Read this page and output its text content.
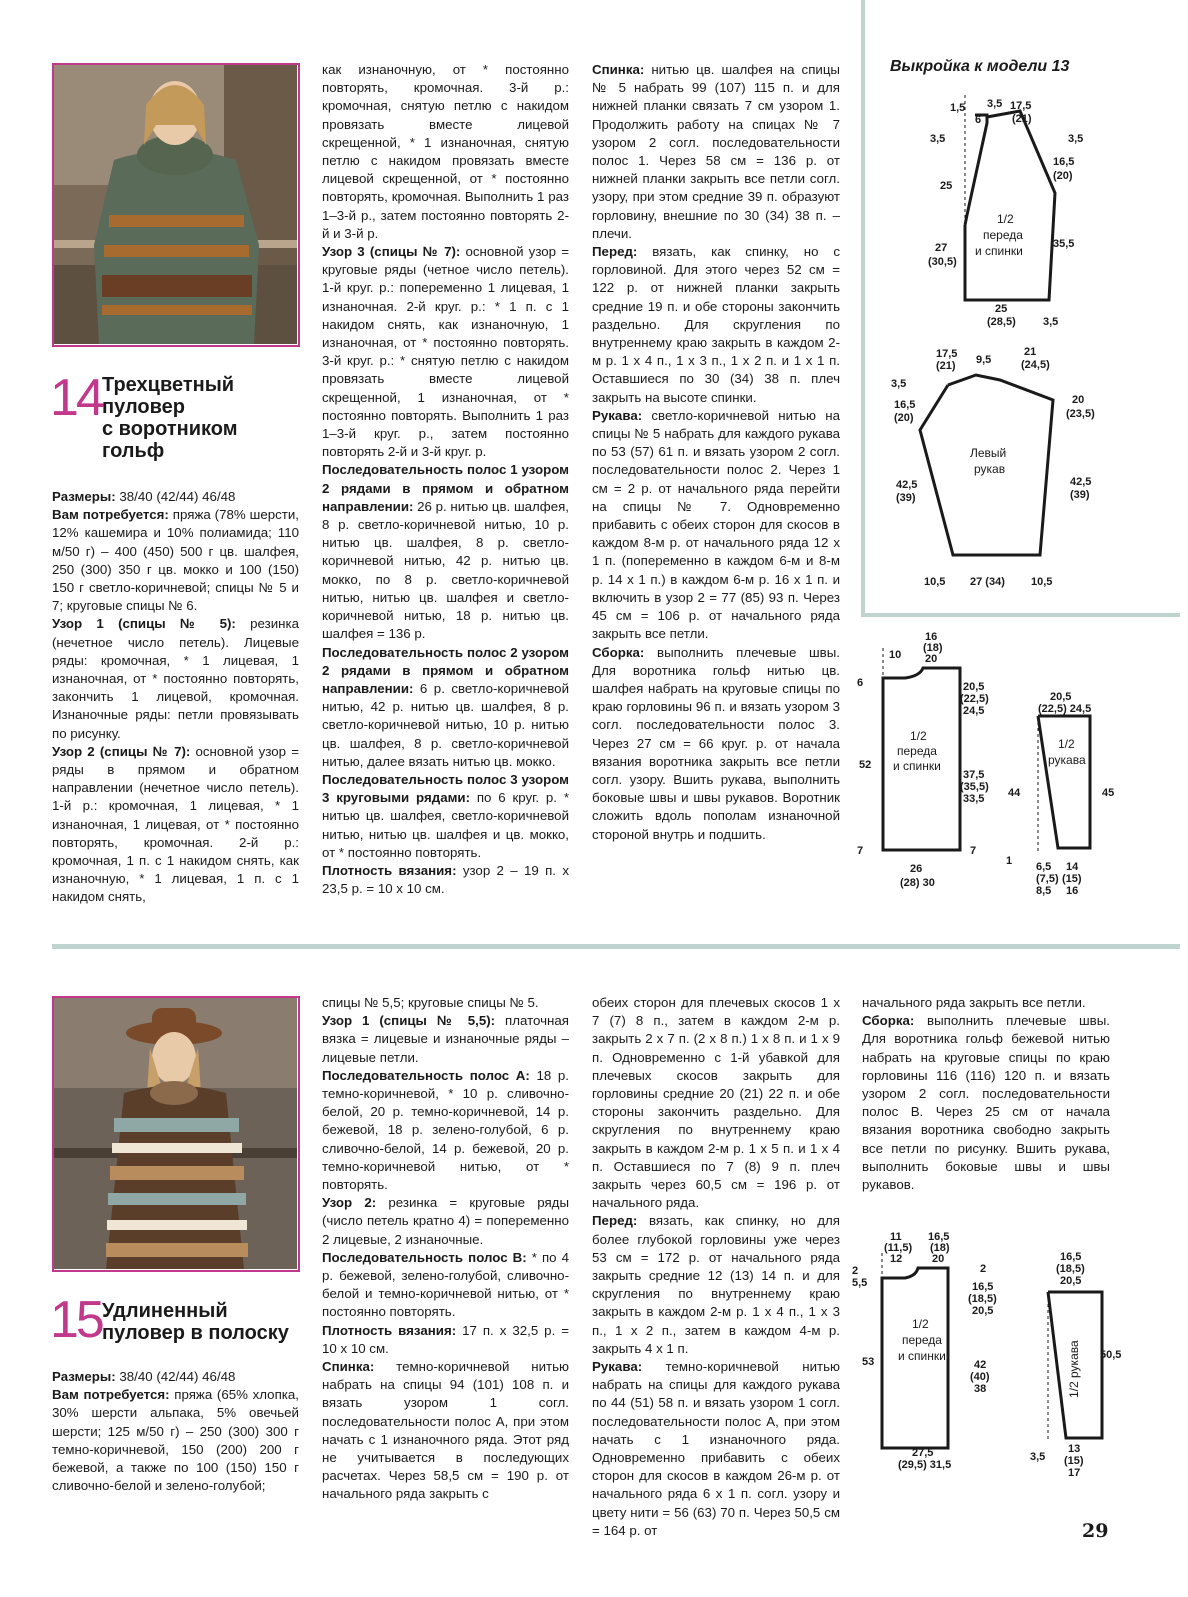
14 Трехцветный
пуловер
с воротником
гольф

Размеры: 38/40 (42/44) 46/48

Вам потребуется: пряжа (78% шерсти, 12% кашемира и 10% полиамида; 110 м/50 г) – 400 (450) 500 г цв. шалфея, 250 (300) 350 г цв. мокко и 100 (150) 150 г светло-коричневой; спицы № 5 и 7; круговые спицы № 6.

Узор 1 (спицы № 5): резинка (нечетное число петель). Лицевые ряды: кромочная, * 1 лицевая, 1 изнаночная, от * постоянно повторять, закончить 1 лицевой, кромочная. Изнаночные ряды: петли провязывать по рисунку.

Узор 2 (спицы № 7): основной узор = ряды в прямом и обратном направлении (нечетное число петель). 1-й р.: кромочная, 1 лицевая, * 1 изнаночная, 1 лицевая, от * постоянно повторять, кромочная. 2-й р.: кромочная, 1 п. с 1 накидом снять, как изнаночную, * 1 лицевая, 1 п. с 1 накидом снять,

как изнаночную, от * постоянно повторять, кромочная. 3-й р.: кромочная, снятую петлю с накидом провязать вместе лицевой скрещенной, * 1 изнаночная, снятую петлю с накидом провязать вместе лицевой скрещенной, от * постоянно повторять, кромочная. Выполнить 1 раз 1–3-й р., затем постоянно повторять 2-й и 3-й р.

Узор 3 (спицы № 7): основной узор = круговые ряды (четное число петель). 1-й круг. р.: попеременно 1 лицевая, 1 изнаночная. 2-й круг. р.: * 1 п. с 1 накидом снять, как изнаночную, 1 изнаночная, от * постоянно повторять. 3-й круг. р.: * снятую петлю с накидом провязать вместе лицевой скрещенной, 1 изнаночная, от * постоянно повторять. Выполнить 1 раз 1–3-й круг. р., затем постоянно повторять 2-й и 3-й круг. р.

Последовательность полос 1 узором 2 рядами в прямом и обратном направлении: 26 р. нитью цв. шалфея, 8 р. светло-коричневой нитью, 10 р. нитью цв. шалфея, 8 р. светло-коричневой нитью, 42 р. нитью цв. мокко, по 8 р. светло-коричневой нитью, нитью цв. шалфея и светло-коричневой нитью, 18 р. нитью цв. шалфея = 136 р.

Последовательность полос 2 узором 2 рядами в прямом и обратном направлении: 6 р. светло-коричневой нитью, 42 р. нитью цв. шалфея, 8 р. светло-коричневой нитью, 10 р. нитью цв. шалфея, 8 р. светло-коричневой нитью, далее вязать нитью цв. мокко.

Последовательность полос 3 узором 3 круговыми рядами: по 6 круг. р. * нитью цв. шалфея, светло-коричневой нитью, нитью цв. шалфея и цв. мокко, от * постоянно повторять.

Плотность вязания: узор 2 – 19 п. х 23,5 р. = 10 х 10 см.

Спинка: нитью цв. шалфея на спицы № 5 набрать 99 (107) 115 п. и для нижней планки связать 7 см узором 1. Продолжить работу на спицах № 7 узором 2 согл. последовательности полос 1. Через 58 см = 136 р. от нижней планки закрыть все петли согл. узору, при этом средние 39 п. образуют горловину, внешние по 30 (34) 38 п. – плечи.

Перед: вязать, как спинку, но с горловиной. Для этого через 52 см = 122 р. от нижней планки закрыть средние 19 п. и обе стороны закончить раздельно. Для скругления по внутреннему краю закрыть в каждом 2-м р. 1 х 4 п., 1 х 3 п., 1 х 2 п. и 1 х 1 п. Оставшиеся по 30 (34) 38 п. плеч закрыть на высоте спинки.

Рукава: светло-коричневой нитью на спицы № 5 набрать для каждого рукава по 53 (57) 61 п. и вязать узором 2 согл. последовательности полос 2. Через 1 см = 2 р. от начального ряда перейти на спицы № 7. Одновременно прибавить с обеих сторон для скосов в каждом 8-м р. от начального ряда 12 х 1 п. (попеременно в каждом 6-м и 8-м р. 14 х 1 п.) в каждом 6-м р. 16 х 1 п. и включить в узор 2 = 77 (85) 93 п. Через 45 см = 106 р. от начального ряда закрыть все петли.

Сборка: выполнить плечевые швы. Для воротника гольф нитью цв. шалфея набрать на круговые спицы по краю горловины 96 п. и вязать узором 3 согл. последовательности полос 3. Через 27 см = 66 круг. р. от начала вязания воротника закрыть все петли согл. узору. Вшить рукава, выполнить боковые швы и швы рукавов. Воротник сложить вдоль пополам изнаночной стороной внутрь и подшить.

Выкройка к модели 13
1,5 3,5
6
17,5
(21)
3,5	3,5
16,5
(20)
25
35,5
27
(30,5)
25
(28,5) 3,5
1/2
переда
и спинки
17,5
(21) 9,5
21
(24,5)
3,5
16,5
(20)
20
(23,5)
42,5
(39)
42,5
(39)
10,5 27 (34) 10,5
Левый
рукав
10
16
(18)
20
6	20,5
(22,5)
24,5
52
37,5
(35,5)
33,5
7	7
26
(28) 30
1/2
переда
и спинки
20,5
(22,5) 24,5
44	45
1 6,5
(7,5)
8,5
14
(15)
16
1/2
рукава
15 Удлиненный
пуловер в полоску

Размеры: 38/40 (42/44) 46/48

Вам потребуется: пряжа (65% хлопка, 30% шерсти альпака, 5% овечьей шерсти; 125 м/50 г) – 250 (300) 300 г темно-коричневой, 150 (200) 200 г бежевой, а также по 100 (150) 150 г сливочно-белой и зелено-голубой;

спицы № 5,5; круговые спицы № 5.

Узор 1 (спицы № 5,5): платочная вязка = лицевые и изнаночные ряды – лицевые петли.

Последовательность полос А: 18 р. темно-коричневой, * 10 р. сливочно-белой, 20 р. темно-коричневой, 14 р. бежевой, 18 р. зелено-голубой, 6 р. сливочно-белой, 14 р. бежевой, 20 р. темно-коричневой нитью, от * повторять.

Узор 2: резинка = круговые ряды (число петель кратно 4) = попеременно 2 лицевые, 2 изнаночные.

Последовательность полос В: * по 4 р. бежевой, зелено-голубой, сливочно-белой и темно-коричневой нитью, от * постоянно повторять.

Плотность вязания: 17 п. х 32,5 р. = 10 х 10 см.

Спинка: темно-коричневой нитью набрать на спицы 94 (101) 108 п. и вязать узором 1 согл. последовательности полос А, при этом начать с 1 изнаночного ряда. Этот ряд не учитывается в последующих расчетах. Через 58,5 см = 190 р. от начального ряда закрыть с

обеих сторон для плечевых скосов 1 х 7 (7) 8 п., затем в каждом 2-м р. закрыть 2 х 7 п. (2 х 8 п.) 1 х 8 п. и 1 х 9 п. Одновременно с 1-й убавкой для плечевых скосов закрыть для горловины средние 20 (21) 22 п. и обе стороны закончить раздельно. Для скругления по внутреннему краю закрыть в каждом 2-м р. 1 х 5 п. и 1 х 4 п. Оставшиеся по 7 (8) 9 п. плеч закрыть через 60,5 см = 196 р. от начального ряда.

Перед: вязать, как спинку, но для более глубокой горловины уже через 53 см = 172 р. от начального ряда закрыть средние 12 (13) 14 п. и для скругления по внутреннему краю закрыть в каждом 2-м р. 1 х 4 п., 1 х 3 п., 1 х 2 п., затем в каждом 4-м р. закрыть 4 х 1 п.

Рукава: темно-коричневой нитью набрать на спицы для каждого рукава по 44 (51) 58 п. и вязать узором 1 согл. последовательности полос А, при этом начать с 1 изнаночного ряда. Одновременно прибавить с обеих сторон для скосов в каждом 26-м р. от начального ряда 6 х 1 п. согл. узору и цвету нити = 56 (63) 70 п. Через 50,5 см = 164 р. от

начального ряда закрыть все петли.

Сборка: выполнить плечевые швы. Для воротника гольф бежевой нитью набрать на круговые спицы по краю горловины 116 (116) 120 п. и вязать узором 2 согл. последовательности полос В. Через 25 см от начала вязания воротника свободно закрыть все петли по рисунку. Вшить рукава, выполнить боковые швы и швы рукавов.

11
(11,5)
12
16,5
(18)
20
2
5,5
2
16,5
(18,5)
20,5
53	42
(40)
38
27,5
(29,5) 31,5
1/2
переда
и спинки
16,5
(18,5)
20,5
50,5
3,5
13
(15)
17
1/2 рукава
29
